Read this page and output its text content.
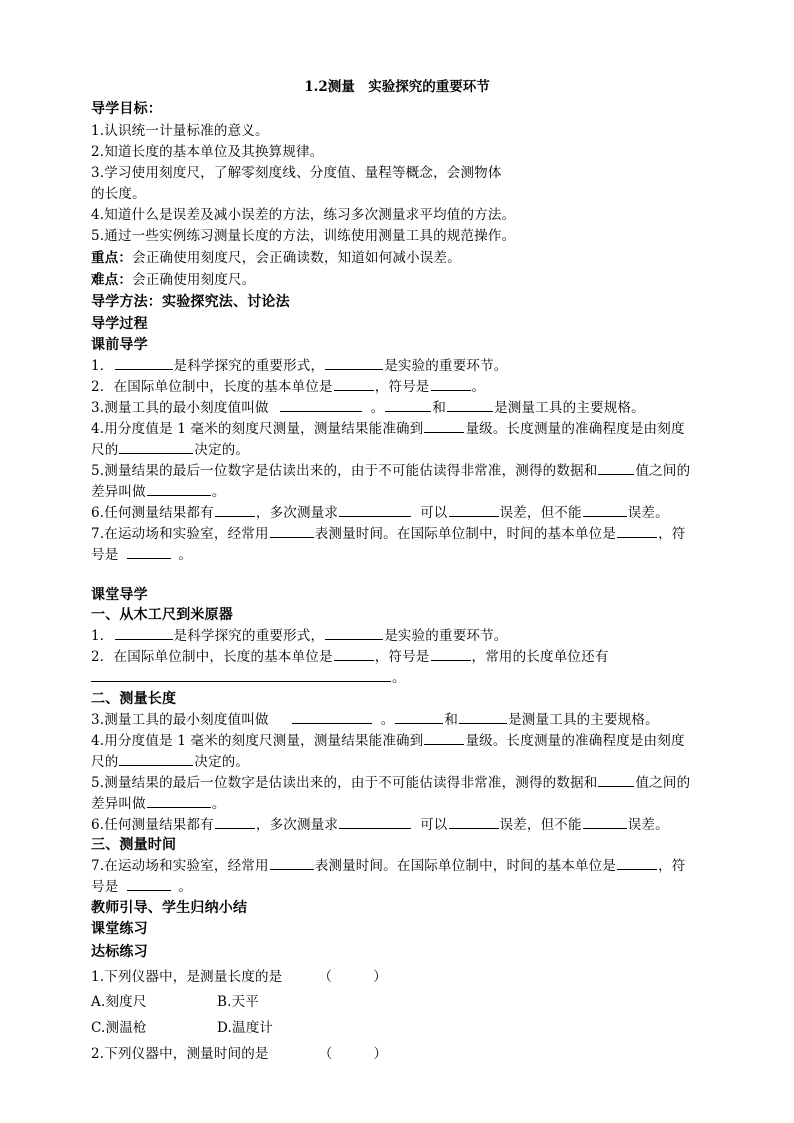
1.2测量　实验探究的重要环节
导学目标：
1.认识统一计量标准的意义。
2.知道长度的基本单位及其换算规律。
3.学习使用刻度尺，了解零刻度线、分度值、量程等概念，会测物体
的长度。
4.知道什么是误差及减小误差的方法，练习多次测量求平均值的方法。
5.通过一些实例练习测量长度的方法，训练使用测量工具的规范操作。
重点：会正确使用刻度尺，会正确读数，知道如何减小误差。
难点：会正确使用刻度尺。
导学方法：实验探究法、讨论法
导学过程
课前导学
1．	是科学探究的重要形式，	是实验的重要环节。
2．在国际单位制中，长度的基本单位是	，符号是	。
3.测量工具的最小刻度值叫做	。	和	是测量工具的主要规格。
4.用分度值是 1 毫米的刻度尺测量，测量结果能准确到	量级。长度测量的准确程度是由刻度
尺的	决定的。
5.测量结果的最后一位数字是估读出来的，由于不可能估读得非常准，测得的数据和	值之间的
差异叫做	。
6.任何测量结果都有	，多次测量求	可以	误差，但不能	误差。
7.在运动场和实验室，经常用	表测量时间。在国际单位制中，时间的基本单位是	，符
号是	。
课堂导学
一、从木工尺到米原器
1．	是科学探究的重要形式，	是实验的重要环节。
2．在国际单位制中，长度的基本单位是	，符号是	，常用的长度单位还有
。
二、测量长度
3.测量工具的最小刻度值叫做	。	和	是测量工具的主要规格。
4.用分度值是 1 毫米的刻度尺测量，测量结果能准确到	量级。长度测量的准确程度是由刻度
尺的	决定的。
5.测量结果的最后一位数字是估读出来的，由于不可能估读得非常准，测得的数据和	值之间的
差异叫做	。
6.任何测量结果都有	，多次测量求	可以	误差，但不能	误差。
三、测量时间
7.在运动场和实验室，经常用	表测量时间。在国际单位制中，时间的基本单位是	，符
号是	。
教师引导、学生归纳小结
课堂练习
达标练习
1.下列仪器中，是测量长度的是	（　　　）
A.刻度尺	B.天平
C.测温枪	D.温度计
2.下列仪器中，测量时间的是	（　　　）
